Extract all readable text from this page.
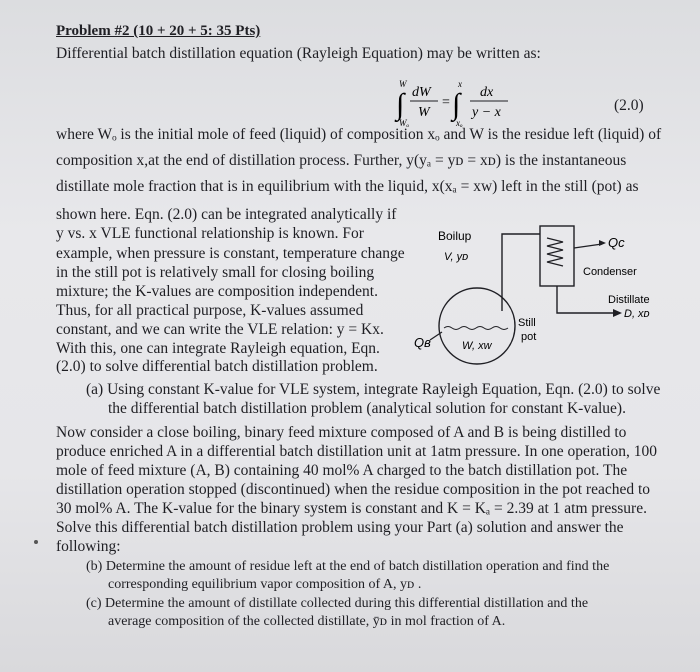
Problem #2 (10 + 20 + 5: 35 Pts)
Differential batch distillation equation (Rayleigh Equation) may be written as:
W
∫
Wₒ
dW
W
=
x
∫
xₒ
dx
y − x	(2.0)
where Wₒ is the initial mole of feed (liquid) of composition xₒ and W is the residue left (liquid) of
composition x,at the end of distillation process. Further, y(yₐ = yᴅ = xᴅ) is the instantaneous
distillate mole fraction that is in equilibrium with the liquid, x(xₐ = xᴡ) left in the still (pot) as
shown here. Eqn. (2.0) can be integrated analytically if
y vs. x VLE functional relationship is known. For
example, when pressure is constant, temperature change
in the still pot is relatively small for closing boiling
mixture; the K-values are composition independent.
Thus, for all practical purpose, K-values assumed
constant, and we can write the VLE relation: y = Kx.
With this, one can integrate Rayleigh equation, Eqn.
(2.0) to solve differential batch distillation problem.
Boilup
V, yᴅ
Qᴄ
Condenser
Distillate
D, xᴅ
W, xᴡ
Still
pot
Qʙ
(a) Using constant K-value for VLE system, integrate Rayleigh Equation, Eqn. (2.0) to solve
the differential batch distillation problem (analytical solution for constant K-value).
Now consider a close boiling, binary feed mixture composed of A and B is being distilled to
produce enriched A in a differential batch distillation unit at 1atm pressure. In one operation, 100
mole of feed mixture (A, B) containing 40 mol% A charged to the batch distillation pot. The
distillation operation stopped (discontinued) when the residue composition in the pot reached to
30 mol% A. The K-value for the binary system is constant and K = Kₐ = 2.39 at 1 atm pressure.
Solve this differential batch distillation problem using your Part (a) solution and answer the
following:
(b) Determine the amount of residue left at the end of batch distillation operation and find the
corresponding equilibrium vapor composition of A, yᴅ .
(c) Determine the amount of distillate collected during this differential distillation and the
average composition of the collected distillate, ȳᴅ in mol fraction of A.
